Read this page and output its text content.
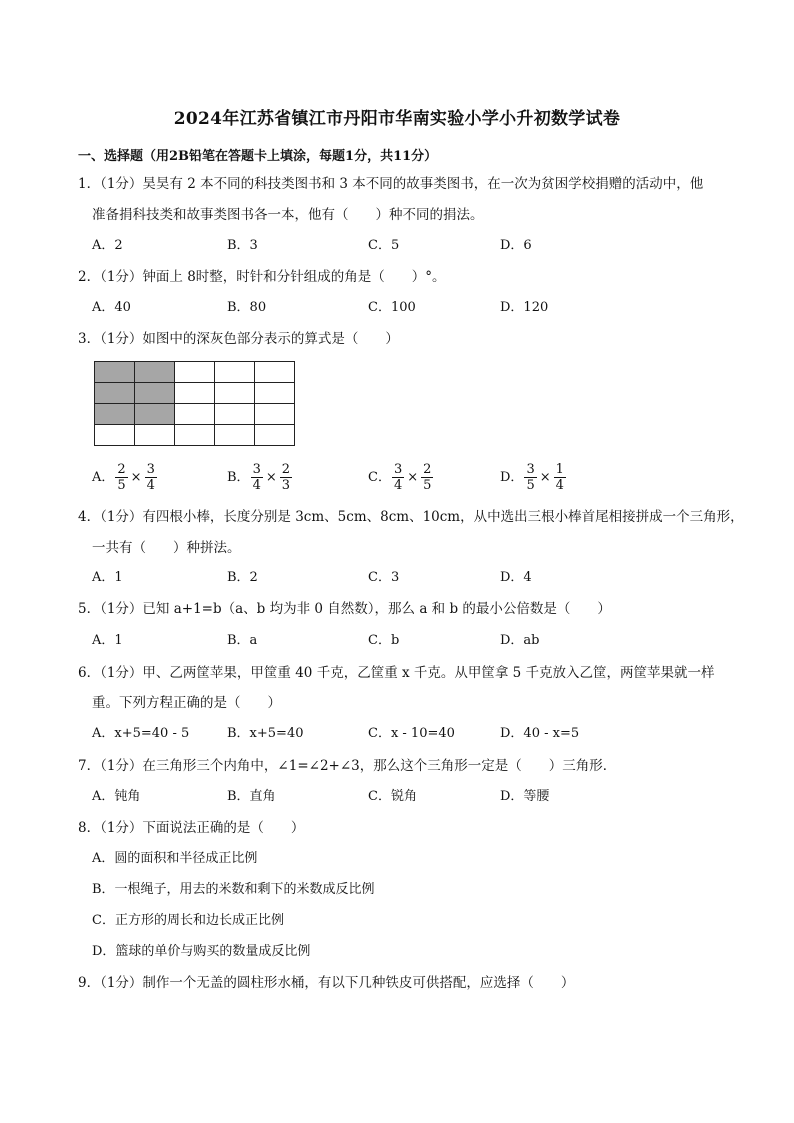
2024年江苏省镇江市丹阳市华南实验小学小升初数学试卷
一、选择题（用2B铅笔在答题卡上填涂，每题1分，共11分）
1．（1分）昊昊有 2 本不同的科技类图书和 3 本不同的故事类图书，在一次为贫困学校捐赠的活动中，他
准备捐科技类和故事类图书各一本，他有（　　）种不同的捐法。
A．2	B．3	C．5	D．6
2．（1分）钟面上 8时整，时针和分针组成的角是（　　）°。
A．40	B．80	C．100	D．120
3．（1分）如图中的深灰色部分表示的算式是（　　）

A． $\frac{2}{5} \times \frac{3}{4}$	B． $\frac{3}{4} \times \frac{2}{3}$	C． $\frac{3}{4} \times \frac{2}{5}$	D． $\frac{3}{5} \times \frac{1}{4}$
4．（1分）有四根小棒，长度分别是 3cm、5cm、8cm、10cm，从中选出三根小棒首尾相接拼成一个三角形，
一共有（　　）种拼法。
A．1	B．2	C．3	D．4
5．（1分）已知 a+1=b（a、b 均为非 0 自然数），那么 a 和 b 的最小公倍数是（　　）
A．1	B．a	C．b	D．ab
6．（1分）甲、乙两筐苹果，甲筐重 40 千克，乙筐重 x 千克。从甲筐拿 5 千克放入乙筐，两筐苹果就一样
重。下列方程正确的是（　　）
A．x+5=40 - 5	B．x+5=40	C．x - 10=40	D．40 - x=5
7．（1分）在三角形三个内角中，∠1=∠2+∠3，那么这个三角形一定是（　　）三角形．
A．钝角	B．直角	C．锐角	D．等腰
8．（1分）下面说法正确的是（　　）
A．圆的面积和半径成正比例
B．一根绳子，用去的米数和剩下的米数成反比例
C．正方形的周长和边长成正比例
D．篮球的单价与购买的数量成反比例
9．（1分）制作一个无盖的圆柱形水桶，有以下几种铁皮可供搭配，应选择（　　）
